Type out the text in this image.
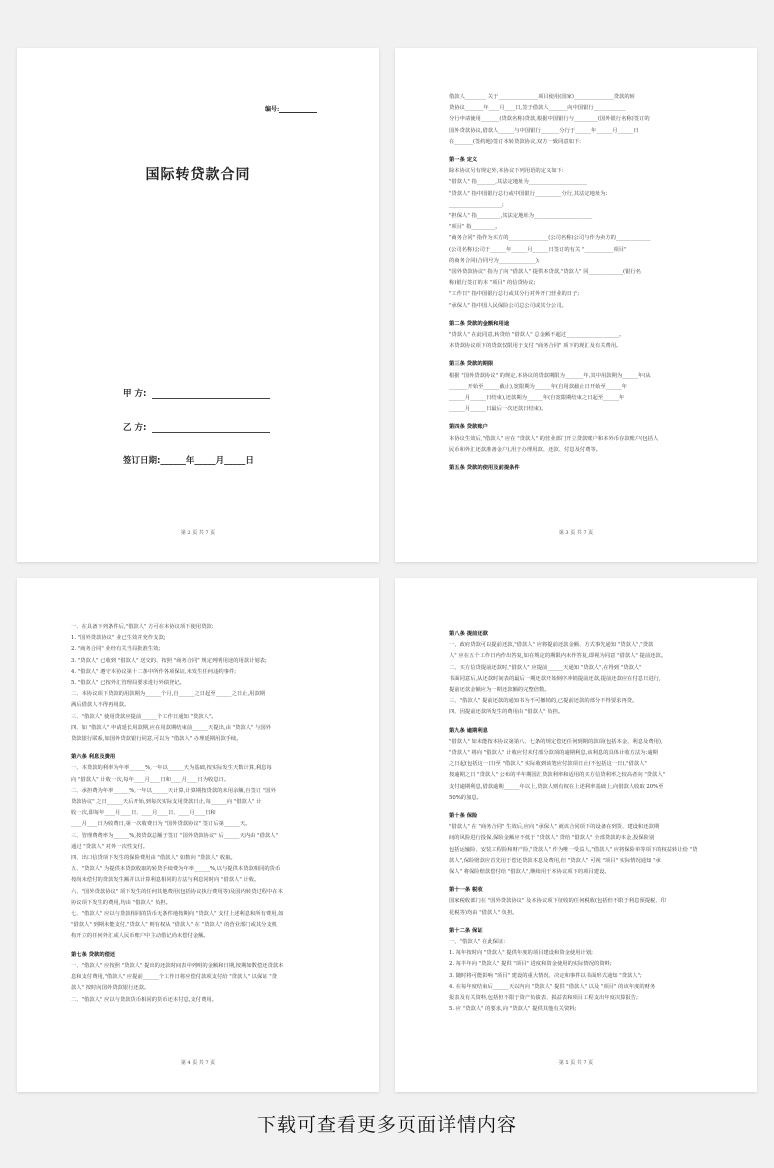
编号:
国际转贷款合同
甲 方:
乙 方:
签订日期:______年_____月_____日
第 2 页 共 7 页

借款人________ 关于_______________项目使用(国家)_______________贷款的转

贷协议_______年____月____日,签于借款人_______向中国银行____________

分行申请使用_______(贷款名称)贷款,根据中国银行与_________(国外银行名称)签订的

国外贷款协议,借款人______与中国银行_______分行于______年______月______日

在_______(签约地)签订本转贷款协议,双方一致同意如下:

第一条 定义

除本协议另有规定外,本协议下列用语的定义如下:

"借款人" 指_______,其法定地址为______________________

"贷款人" 指中国银行总行或中国银行__________分行,其法定地址为:

____________________;

"担保人" 指_________,其法定地址为______________________

"项目" 指_________。

"商务合同" 指作为买方的_______________(公司名称)公司与作为卖方的_____________

(公司名称)公司于______年______月______日签订的有关 "___________项目"

的商务合同(合同号为______________);

"国外贷款协议" 指为了向 "借款人" 提供本贷款,"贷款人" 同_____________(银行名

称)银行签订的本 "项目" 的信贷协议;

"工作日" 指中国银行总行或其分行对外开门营业的日子;

"承保人" 指中国人民保险公司总公司或其分公司。

第二条 贷款的金额和用途

"贷款人" 在此同意,转贷给 "借款人" 总金额不超过____________________。

本贷款协议项下的贷款仅限用于支付 "商务合同" 项下的现汇及有关费用。

第三条 贷款的期限

根据 "国外贷款协议" 的规定,本协议的贷款期限为_______年,其中用款期为______年(从

_______开始至______截止),宽限期为______年(自用款截止日开始至______年

______月______日结束),还款期为______年(自宽限期结束之日起至______年

______月______日最后一次还款日结束)。

第四条 贷款账户

本协议生效后,"借款人" 应在 "贷款人" 的营业部门开立贷款账户和本外币存款账户(包括人

民币和外汇还款准备金户),用于办理用款、还款、付息及付费等。

第五条 贷款的使用及前提条件

第 3 页 共 7 页

一、在具备下列条件后,"借款人" 方可在本协议项下使用贷款:

1. "国外贷款协议" 业已生效并充作支款;

2. "商务合同" 业经有关当局批准生效;

3. "贷款人" 已收到 "借款人" 送交的、按照 "商务合同" 规定列明用途的用款计划表;

4. "借款人" 遵守本协议第十二条中所作各项保证,未发生任何违约事件;

5. "借款人" 已按外汇管理局要求进行外债登记。

二、本协议项下贷款的用款期为______个月,自______之日起至______之日止,用款期

满后借款人不得再用款。

三、"借款人" 使用贷款应提前______个工作日通知 "贷款人"。

四、如 "借款人" 申请延长用款期,应在用款期结束前______天提出,由 "贷款人" 与国外

贷款银行联系,如国外贷款银行同意,可以为 "借款人" 办理延期用款手续。

第六条 利息及费用

一、本贷款的利率为年率______%,一年以______天为基础,按实际发生天数计算,利息每

向 "借款人" 计收一次,每年____月____日和____月____日为收息日。

二、承担费为年率______%,一年以______天计算,计算期按贷款的未用余额,自签订 "国外

贷款协议" 之日______天后开始,到每次实际支用贷款日止,每______向 "借款人" 计

收一次,即每年____月____日、____月____日、____月____日和

____月____日为收费日,第一次收费日为 "国外贷款协议" 签订后第______天。

三、管理费费率为______%,按贷款总额于签订 "国外贷款协议" 后______天内由 "借款人"

通过 "贷款人" 对外一次性支付。

四、出口信贷项下发生的保险费用由 "借款人" 如数向 "贷款人" 收取。

五、"贷款人" 为提供本贷款收取的转贷手续费为年率______%,以与提供本贷款相同的货币

按尚未偿付的贷款发生额并以计算利息相同的方法与利息同时向 "借款人" 计收。

六、"国外贷款协议" 项下发生的任何其他费用(包括协议执行费用等)及国内转贷过程中在本

协议项下发生的费用,均由 "借款人" 负担。

七、"借款人" 应以与贷款相同的货币无条件地按期向 "贷款人" 支付上述利息和所有费用,如

"借款人" 到期未能支付,"贷款人" 则有权从 "借款人" 在 "贷款人" 的营业部门或其分支机

构开立的任何外汇或人民币账户中主动借记尚未偿付金额。

第七条 贷款的偿还

一、"借款人" 应按照 "贷款人" 提出的还款时间表中列明的金额和日期,按期如数偿还贷款本

息和支付费用,"借款人" 应提前______个工作日将应偿付款项支付给 "贷款人" 以保证 "贷

款人" 按时向国外贷款银行还款。

二、"借款人" 应以与贷款货币相同的货币还本付息,支付费用。

第 4 页 共 7 页

第八条 提前还款

一、政府贷款可以提前还款,"借款人" 应将提前还款金额、方式事先通知 "贷款人","贷款

人" 应在五个工作日内作出答复,如在规定的期限内未作答复,即视为同意 "借款人" 提前还款。

二、买方信贷提前还款时,"借款人" 应提前______天通知 "贷款人",在得到 "贷款人"

书面同意后,从还款时间表的最后一期还款开始倒序冲销提前还款,提前还款应在付息日进行,

提前还款金额应为一期还款额的完整倍数。

三、"借款人" 提前还款的通知书为不可撤销的,已提前还款的部分不得要求再贷。

四、因提前还款所发生的费用由 "借款人" 负担。

第九条 逾期利息

"借款人" 如未能按本协议第第八、七条的规定偿还任何到期的款项(包括本金、利息及费用),

"贷款人" 将向 "借款人" 计收应付未付部分款项的逾期利息,该利息的具体计收方法为:逾期

之日起(包括这一日)至 "借款人" 实际收到该笔应付款项日止(不包括这一日),"借款人"

按逾期之日 "贷款人" 公布的半年期国汇贷款利率和适用的买方信贷利率之较高者向 "贷款人"

支付逾期利息,借款逾期______年以上,贷款人则有权在上述利率基础上,向借款人收取 20%至

50%的加息。

第十条 保险

"借款人" 在 "商务合同" 生效后,应向 "承保人" 就该合同项下的设备在到货、建设和还款期

间的风险进行投保,保险金额应不低于 "贷款人" 贷给 "借款人" 全部贷款的本金,投保险别

包括运输险、安装工程险和财产险,"贷款人" 作为唯一受益人,"借款人" 应将保险单等项下的权益转让给 "贷

款人",保险赔款应首先用于偿还贷款本息及费用,但 "贷款人" 可视 "项目" 实际情况通知 "承

保人" 将保险赔款偿付给 "借款人",继续用于本协议项下的项目建设。

第十一条 税收

国家税收部门在 "国外贷款协议" 及本协议项下征收的任何税收(包括但不限于利息预提税、印

花税等)均由 "借款人" 负担。

第十二条 保证

一、"借款人" 在此保证:

1. 每年按时向 "贷款人" 提供年度的项目建设和资金使用计划;

2. 每半年向 "贷款人" 提供 "项目" 进度和资金使用的实际情况的资料;

3. 随时将可能影响 "项目" 建设的重大情况、决定和事件以书面形式通知 "贷款人";

4. 在每年度结束后______天以内向 "贷款人" 提供 "借款人" 以及 "项目" 的该年度的财务

报表及有关资料,包括但不限于资产负债表、损益表和项目工程支出年度决算报告;

5. 应 "贷款人" 的要求,向 "贷款人" 提供其他有关资料;

第 5 页 共 7 页
下载可查看更多页面详情内容
